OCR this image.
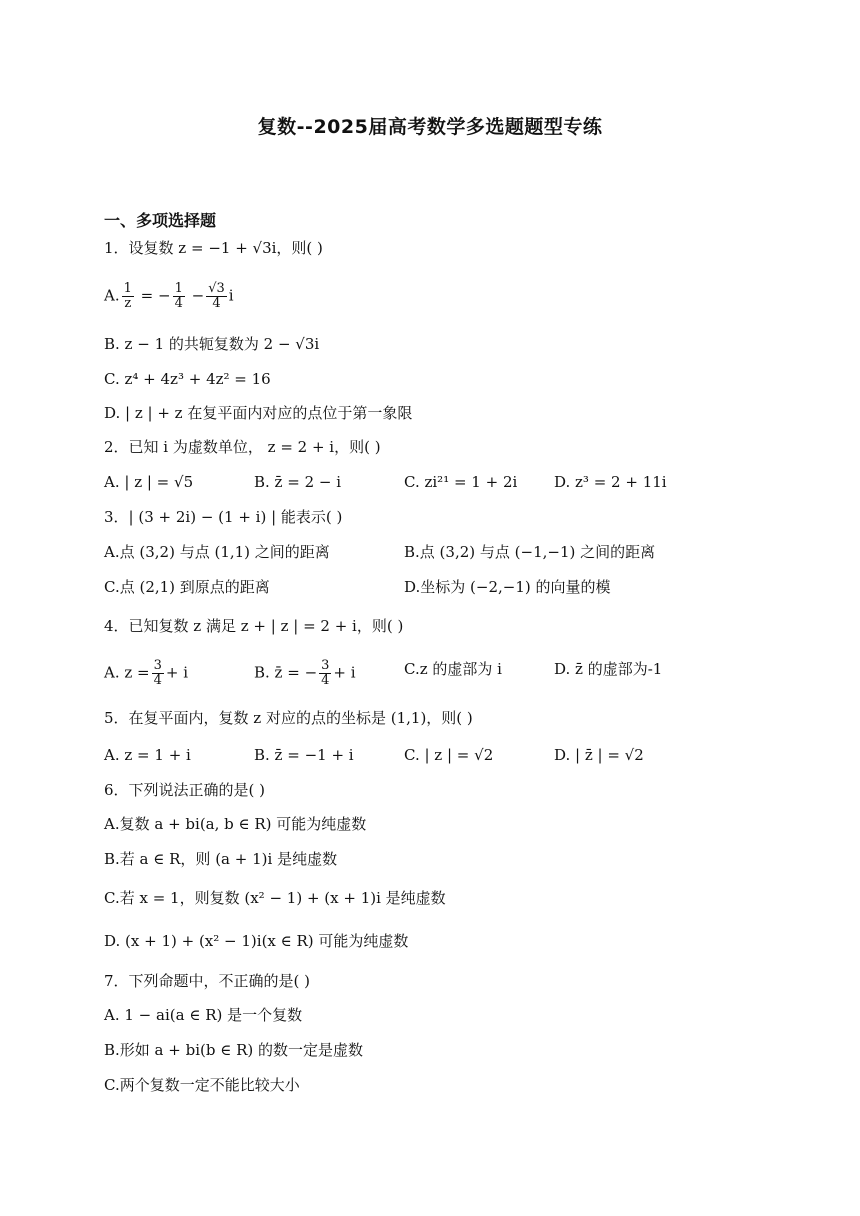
复数--2025届高考数学多选题题型专练
一、多项选择题
1．设复数 z = −1 + √3i，则( )
A. $\frac{1}{z}$ = − $\frac{1}{4} - \frac{√3}{4}$ i
B. z − 1 的共轭复数为 2 − √3i
C. z⁴ + 4z³ + 4z² = 16
D. | z | + z 在复平面内对应的点位于第一象限
2．已知 i 为虚数单位， z = 2 + i，则( )
A. | z | = √5	B. z̄ = 2 − i	C. zi²¹ = 1 + 2i D. z³ = 2 + 11i
3．| (3 + 2i) − (1 + i) | 能表示( )
A.点 (3,2) 与点 (1,1) 之间的距离	B.点 (3,2) 与点 (−1,−1) 之间的距离
C.点 (2,1) 到原点的距离	D.坐标为 (−2,−1) 的向量的模
4．已知复数 z 满足 z + | z | = 2 + i，则( )
A. $z = \frac{3}{4} + i$	B. z̄ = − $\frac{3}{4} + i$	C.z 的虚部为 i	D. z̄ 的虚部为-1
5．在复平面内，复数 z 对应的点的坐标是 (1,1)，则( )
A. z = 1 + i	B. z̄ = −1 + i	C. | z | = √2	D. | z̄ | = √2
6．下列说法正确的是( )
A.复数 a + bi(a, b ∈ R) 可能为纯虚数
B.若 a ∈ R，则 (a + 1)i 是纯虚数
C.若 x = 1，则复数 (x² − 1) + (x + 1)i 是纯虚数
D. (x + 1) + (x² − 1)i(x ∈ R) 可能为纯虚数
7．下列命题中，不正确的是( )
A. 1 − ai(a ∈ R) 是一个复数
B.形如 a + bi(b ∈ R) 的数一定是虚数
C.两个复数一定不能比较大小
